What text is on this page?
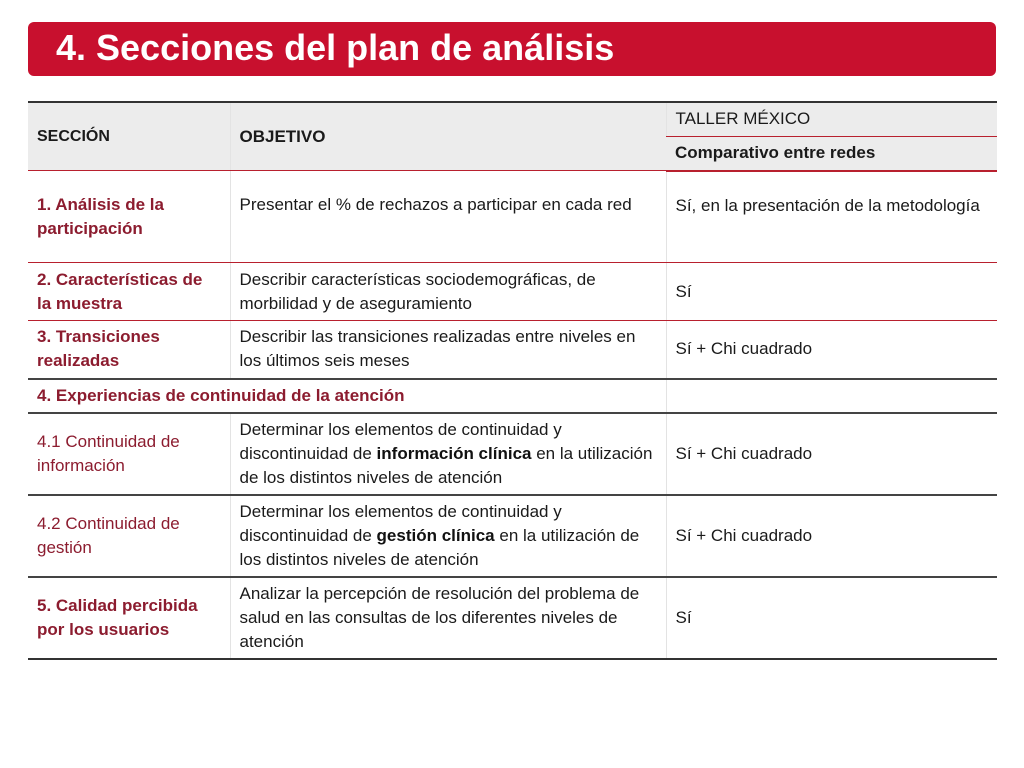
4. Secciones del plan de análisis
SECCIÓN	OBJETIVO	TALLER MÉXICO
		Comparativo entre redes
1. Análisis de la participación	Presentar el % de rechazos a participar en cada red	Sí, en la presentación de la metodología
2. Características de la muestra	Describir características sociodemográficas, de morbilidad y de aseguramiento	Sí
3. Transiciones realizadas	Describir las transiciones realizadas entre niveles en los últimos seis meses	Sí + Chi cuadrado
4. Experiencias de continuidad de la atención		
4.1 Continuidad de información	Determinar los elementos de continuidad y discontinuidad de información clínica en la utilización de los distintos niveles de atención	Sí + Chi cuadrado
4.2 Continuidad de gestión	Determinar los elementos de continuidad y discontinuidad de gestión clínica en la utilización de los distintos niveles de atención	Sí + Chi cuadrado
5. Calidad percibida por los usuarios	Analizar la percepción de resolución del problema de salud en las consultas de los diferentes niveles de atención	Sí
